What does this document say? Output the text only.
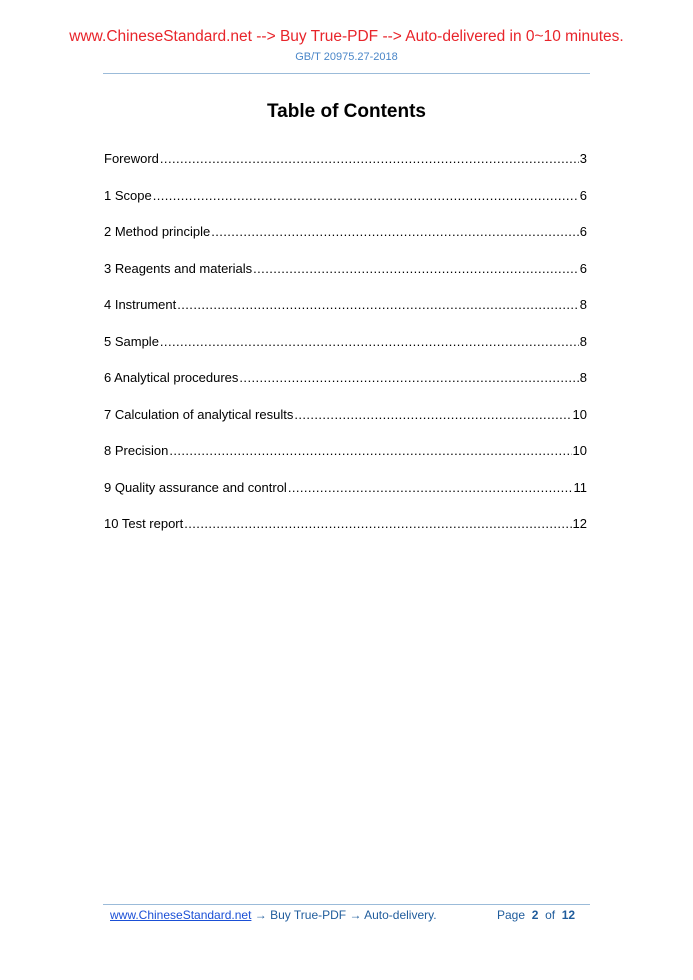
www.ChineseStandard.net --> Buy True-PDF --> Auto-delivered in 0~10 minutes.
GB/T 20975.27-2018
Table of Contents
Foreword .....	3
1 Scope .....	6
2 Method principle .....	6
3 Reagents and materials .....	6
4 Instrument .....	8
5 Sample .....	8
6 Analytical procedures .....	8
7 Calculation of analytical results .....	10
8 Precision .....	10
9 Quality assurance and control .....	11
10 Test report .....	12
www.ChineseStandard.net → Buy True-PDF → Auto-delivery.	Page 2 of 12
